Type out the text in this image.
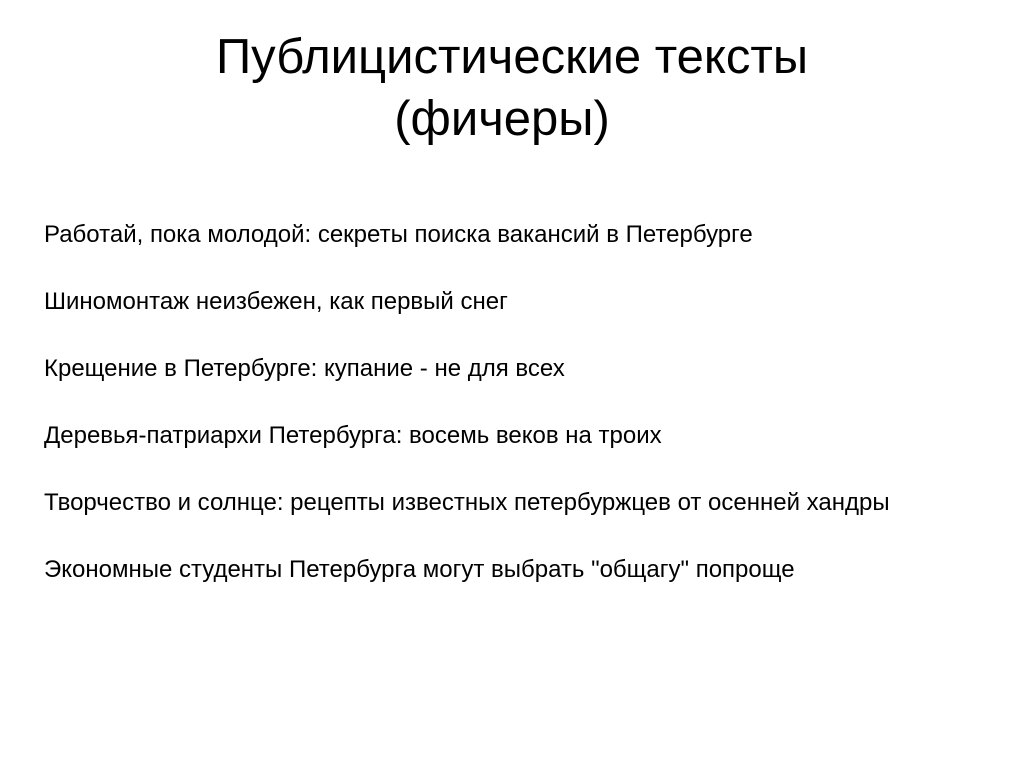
Публицистические тексты
(фичеры)
Работай, пока молодой: секреты поиска вакансий в Петербурге
Шиномонтаж неизбежен, как первый снег
Крещение в Петербурге: купание - не для всех
Деревья-патриархи Петербурга: восемь веков на троих
Творчество и солнце: рецепты известных петербуржцев от осенней хандры
Экономные студенты Петербурга могут выбрать "общагу" попроще
